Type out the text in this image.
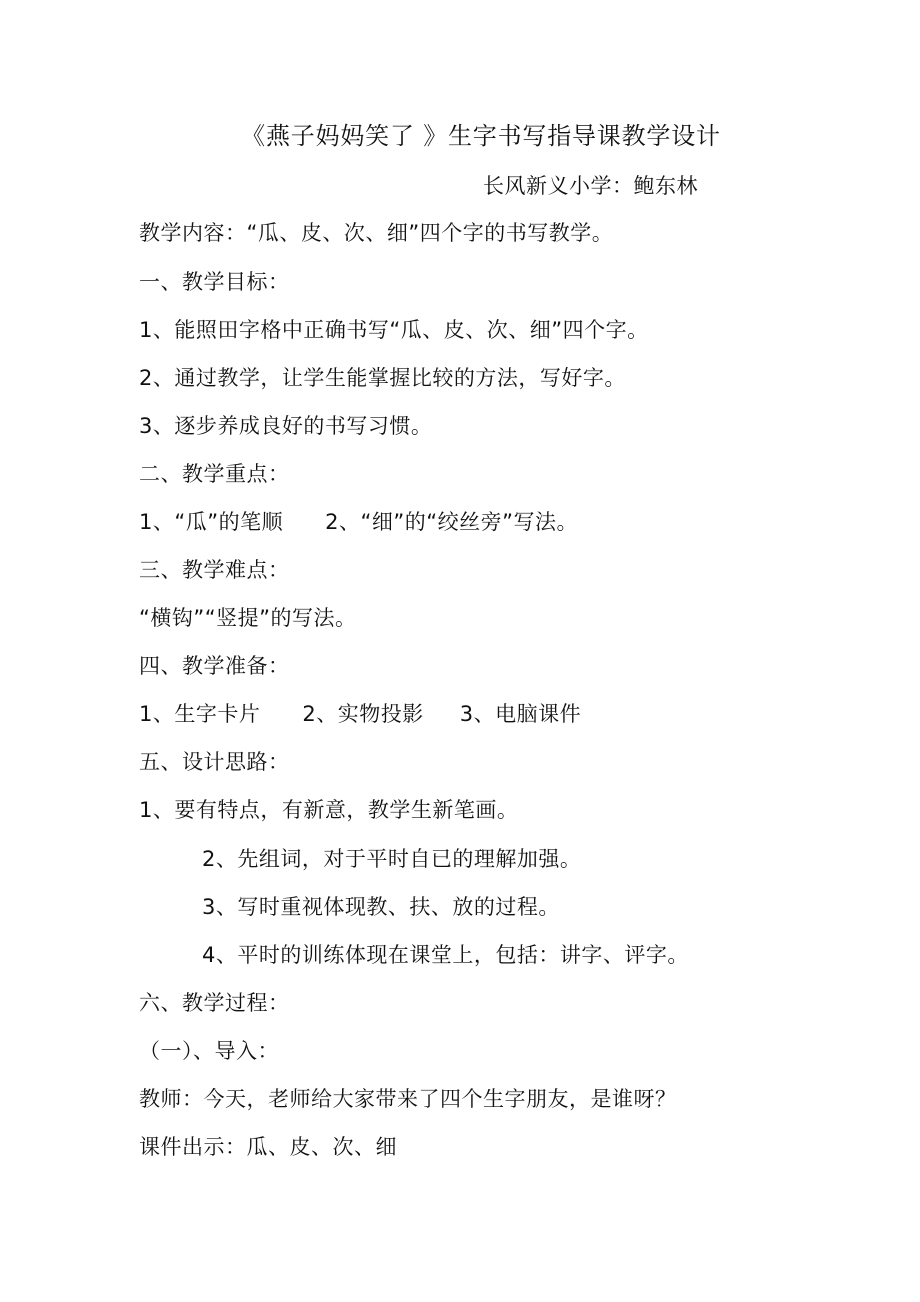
《燕子妈妈笑了 》生字书写指导课教学设计
长风新义小学：鲍东林
教学内容：“瓜、皮、次、细”四个字的书写教学。
一、教学目标：
1、能照田字格中正确书写“瓜、皮、次、细”四个字。
2、通过教学，让学生能掌握比较的方法，写好字。
3、逐步养成良好的书写习惯。
二、教学重点：
1、“瓜”的笔顺 2、“细”的“绞丝旁”写法。
三、教学难点：
“横钩”“竖提”的写法。
四、教学准备：
1、生字卡片 2、实物投影 3、电脑课件
五、设计思路：
1、要有特点，有新意，教学生新笔画。
2、先组词，对于平时自已的理解加强。
3、写时重视体现教、扶、放的过程。
4、平时的训练体现在课堂上，包括：讲字、评字。
六、教学过程：
（一）、导入：
教师：今天，老师给大家带来了四个生字朋友，是谁呀？
课件出示：瓜、皮、次、细
